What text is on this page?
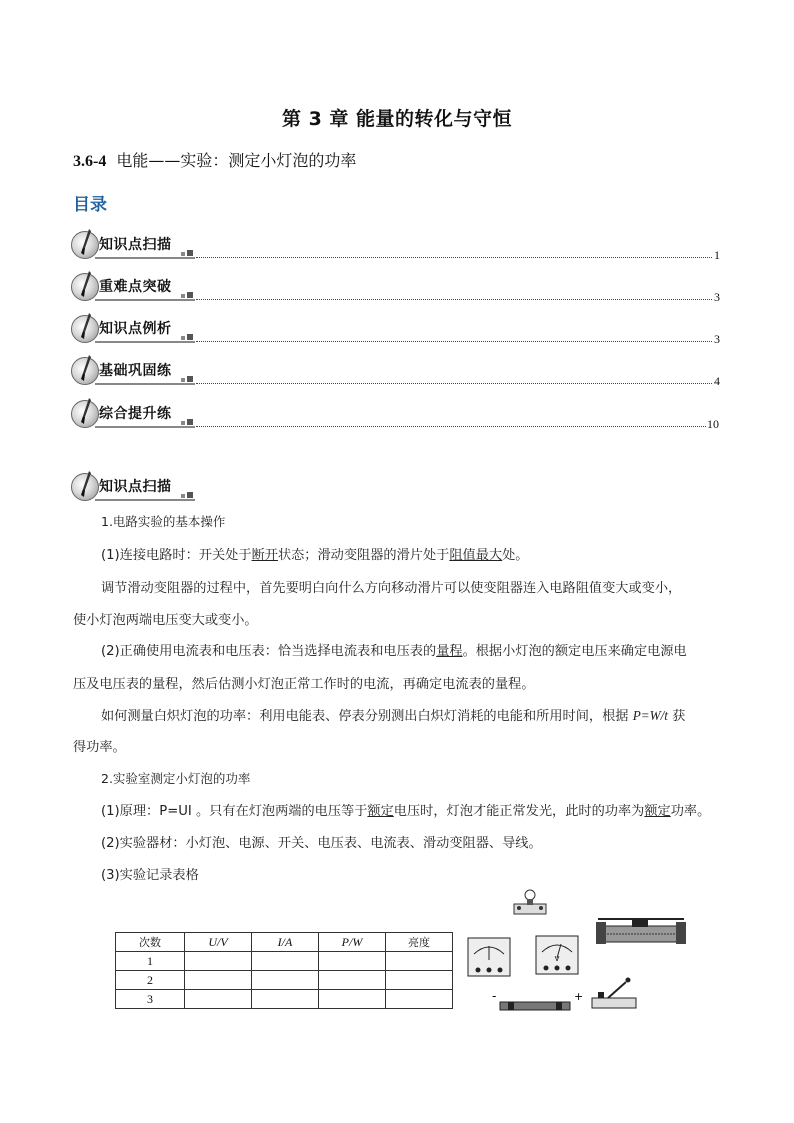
第 3 章 能量的转化与守恒
3.6-4 电能——实验：测定小灯泡的功率
目录
知识点扫描
1
重难点突破
3
知识点例析
3
基础巩固练
4
综合提升练
10
知识点扫描
1.电路实验的基本操作
(1)连接电路时：开关处于断开状态；滑动变阻器的滑片处于阻值最大处。
调节滑动变阻器的过程中，首先要明白向什么方向移动滑片可以使变阻器连入电路阻值变大或变小，
使小灯泡两端电压变大或变小。
(2)正确使用电流表和电压表：恰当选择电流表和电压表的量程。根据小灯泡的额定电压来确定电源电
压及电压表的量程，然后估测小灯泡正常工作时的电流，再确定电流表的量程。
如何测量白炽灯泡的功率：利用电能表、停表分别测出白炽灯消耗的电能和所用时间，根据 P=W/t 获
得功率。
2.实验室测定小灯泡的功率
(1)原理：P=UI 。只有在灯泡两端的电压等于额定电压时，灯泡才能正常发光，此时的功率为额定功率。
(2)实验器材：小灯泡、电源、开关、电压表、电流表、滑动变阻器、导线。
(3)实验记录表格
次数	U/V	I/A	P/W	亮度
1				
2				
3				
V
-	+
